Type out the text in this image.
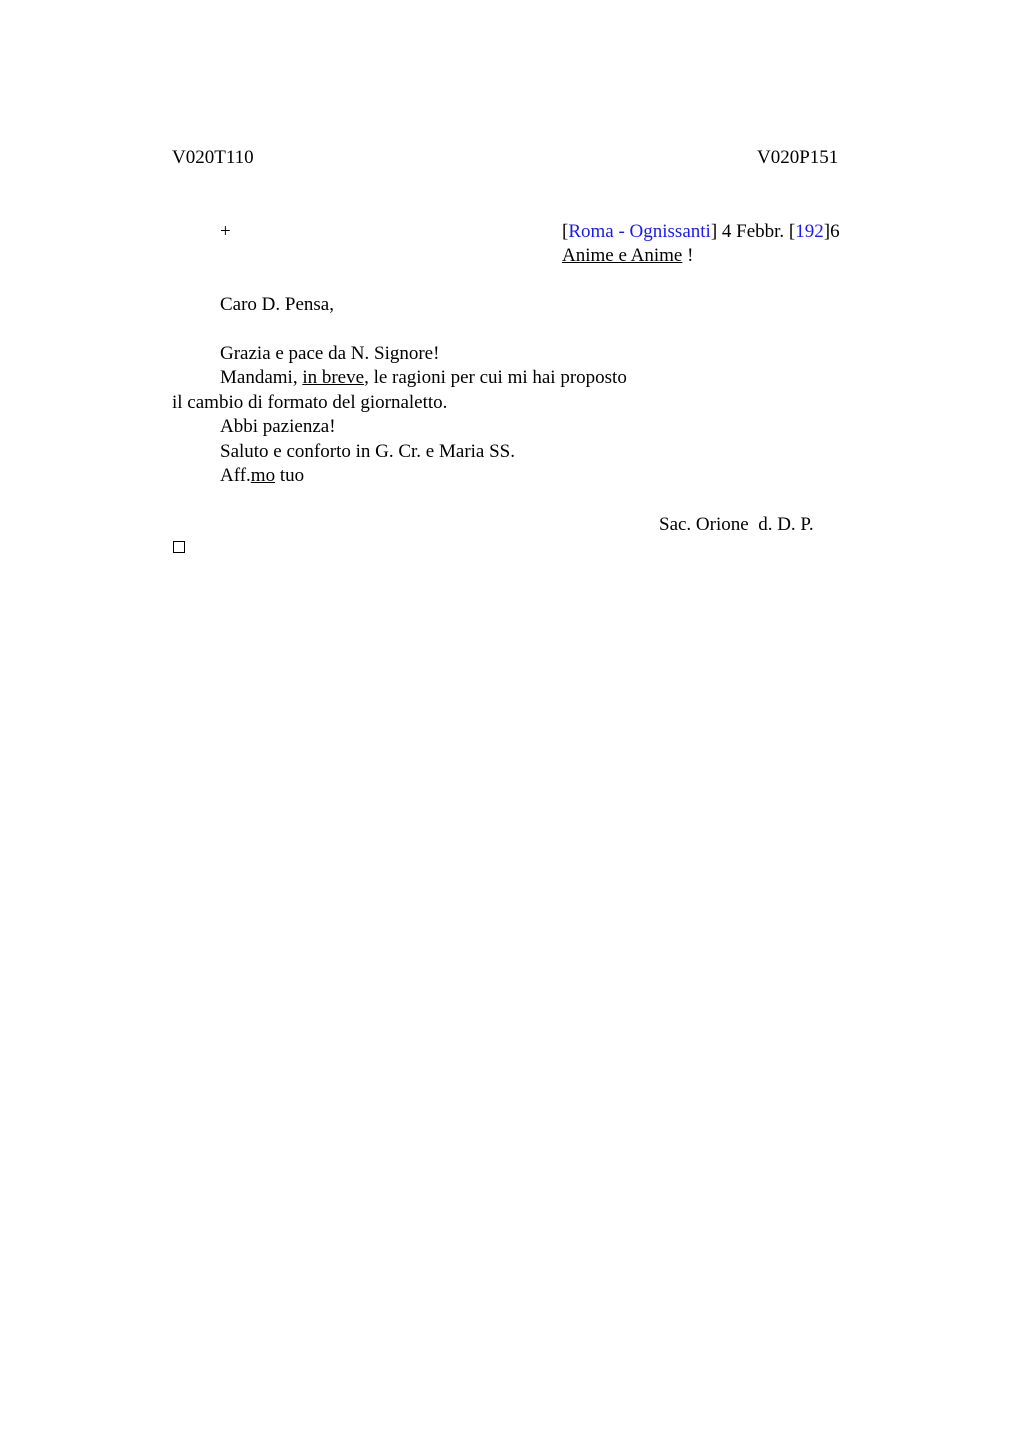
V020T110	V020P151
+	[Roma - Ognissanti] 4 Febbr. [192]6
Anime e Anime !
Caro D. Pensa,
Grazia e pace da N. Signore!
Mandami, in breve, le ragioni per cui mi hai proposto
il cambio di formato del giornaletto.
Abbi pazienza!
Saluto e conforto in G. Cr. e Maria SS.
Aff.mo tuo
Sac. Orione  d. D. P.
